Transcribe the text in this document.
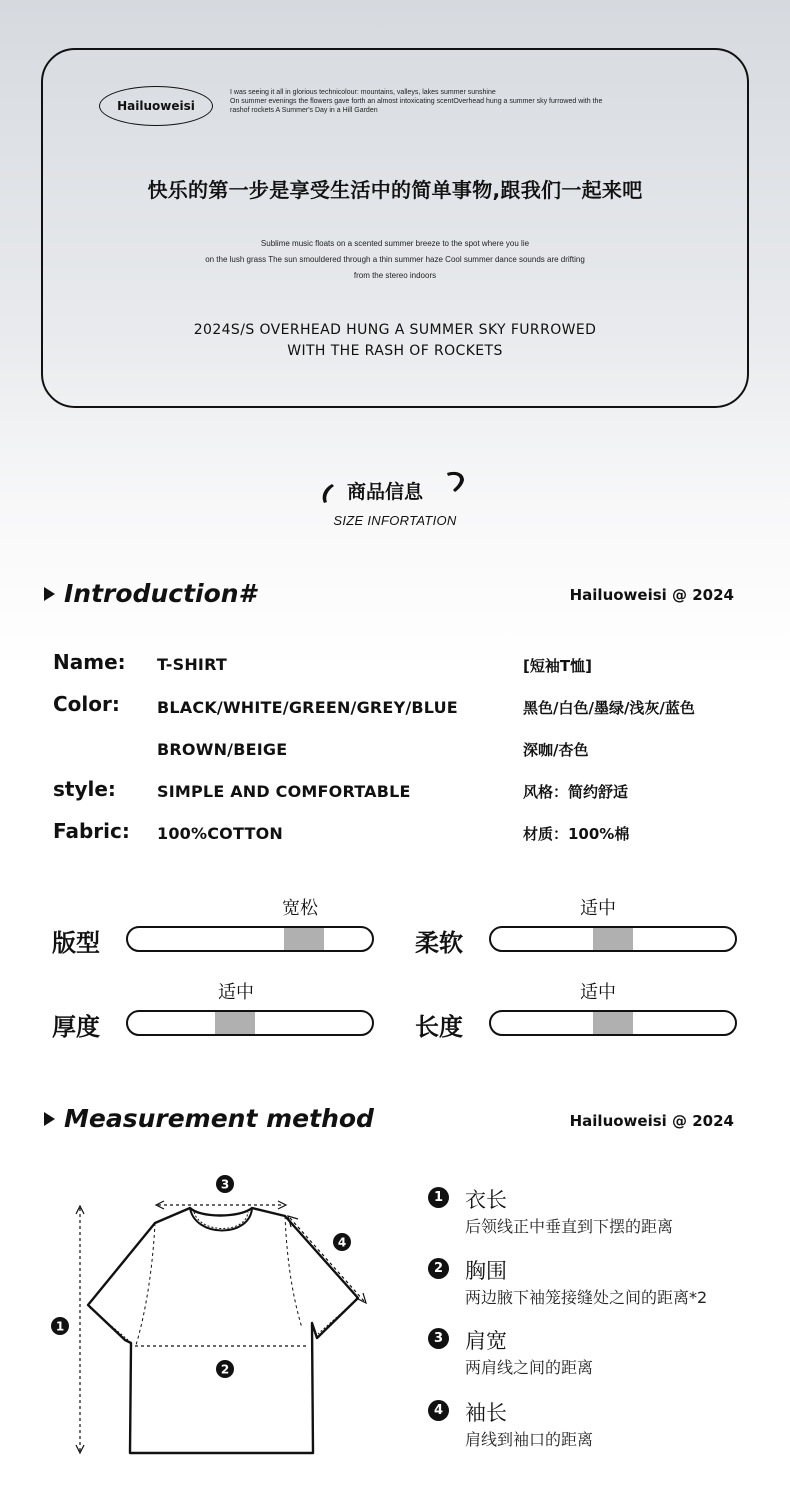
Hailuoweisi
I was seeing it all in glorious technicolour: mountains, valleys, lakes summer sunshine
On summer evenings the flowers gave forth an almost intoxicating scentOverhead hung a summer sky furrowed with the
rashof rockets A Summer's Day in a Hill Garden
快乐的第一步是享受生活中的简单事物,跟我们一起来吧
Sublime music floats on a scented summer breeze to the spot where you lie
on the lush grass The sun smouldered through a thin summer haze Cool summer dance sounds are drifting
from the stereo indoors
2024S/S OVERHEAD HUNG A SUMMER SKY FURROWED
WITH THE RASH OF ROCKETS
商品信息
SIZE INFORTATION
Introduction#	Hailuoweisi @ 2024
Name: T-SHIRT	[短袖T恤]
Color: BLACK/WHITE/GREEN/GREY/BLUE	黑色/白色/墨绿/浅灰/蓝色
BROWN/BEIGE	深咖/杏色
style:	SIMPLE AND COMFORTABLE	风格：简约舒适
Fabric: 100%COTTON	材质：100%棉
版型
宽松
柔软
适中
厚度
适中
长度
适中
Measurement method	Hailuoweisi @ 2024
1
2
3
4
1 衣长
后领线正中垂直到下摆的距离
2 胸围
两边腋下袖笼接缝处之间的距离*2
3 肩宽
两肩线之间的距离
4 袖长
肩线到袖口的距离
